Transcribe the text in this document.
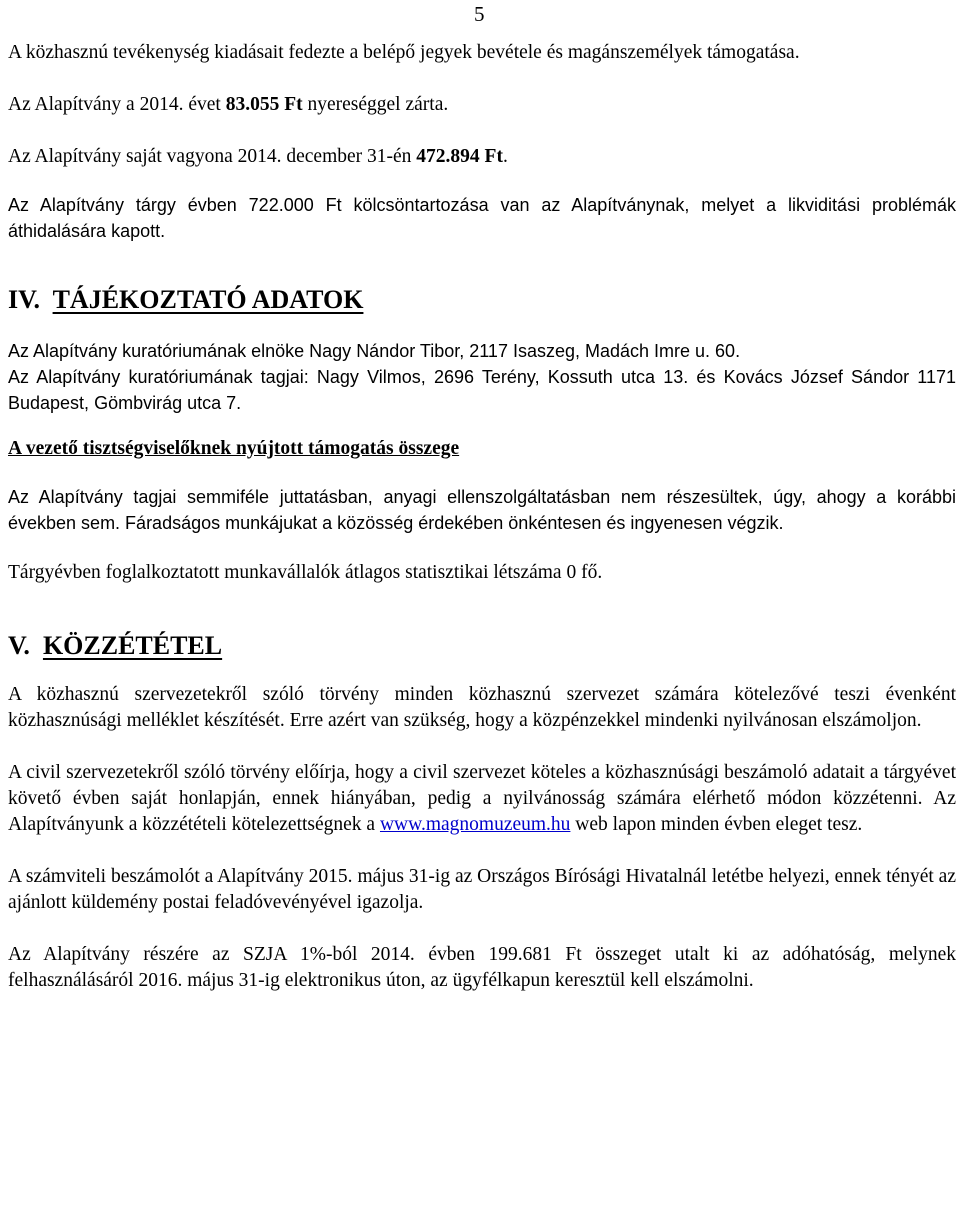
5

A közhasznú tevékenység kiadásait fedezte a belépő jegyek bevétele és magánszemélyek támogatása.

Az Alapítvány a 2014. évet 83.055 Ft nyereséggel zárta.

Az Alapítvány saját vagyona 2014. december 31-én 472.894 Ft.

Az Alapítvány tárgy évben 722.000 Ft kölcsöntartozása van az Alapítványnak, melyet a likviditási problémák áthidalására kapott.

IV. TÁJÉKOZTATÓ ADATOK

Az Alapítvány kuratóriumának elnöke Nagy Nándor Tibor, 2117 Isaszeg, Madách Imre u. 60.

Az Alapítvány kuratóriumának tagjai: Nagy Vilmos, 2696 Terény, Kossuth utca 13. és Kovács József Sándor 1171 Budapest, Gömbvirág utca 7.

A vezető tisztségviselőknek nyújtott támogatás összege

Az Alapítvány tagjai semmiféle juttatásban, anyagi ellenszolgáltatásban nem részesültek, úgy, ahogy a korábbi években sem. Fáradságos munkájukat a közösség érdekében önkéntesen és ingyenesen végzik.

Tárgyévben foglalkoztatott munkavállalók átlagos statisztikai létszáma 0 fő.

V. KÖZZÉTÉTEL

A közhasznú szervezetekről szóló törvény minden közhasznú szervezet számára kötelezővé teszi évenként közhasznúsági melléklet készítését. Erre azért van szükség, hogy a közpénzekkel mindenki nyilvánosan elszámoljon.

A civil szervezetekről szóló törvény előírja, hogy a civil szervezet köteles a közhasznúsági beszámoló adatait a tárgyévet követő évben saját honlapján, ennek hiányában, pedig a nyilvánosság számára elérhető módon közzétenni. Az Alapítványunk a közzétételi kötelezettségnek a www.magnomuzeum.hu web lapon minden évben eleget tesz.

A számviteli beszámolót a Alapítvány 2015. május 31-ig az Országos Bírósági Hivatalnál letétbe helyezi, ennek tényét az ajánlott küldemény postai feladóvevényével igazolja.

Az Alapítvány részére az SZJA 1%-ból 2014. évben 199.681 Ft összeget utalt ki az adóhatóság, melynek felhasználásáról 2016. május 31-ig elektronikus úton, az ügyfélkapun keresztül kell elszámolni.
